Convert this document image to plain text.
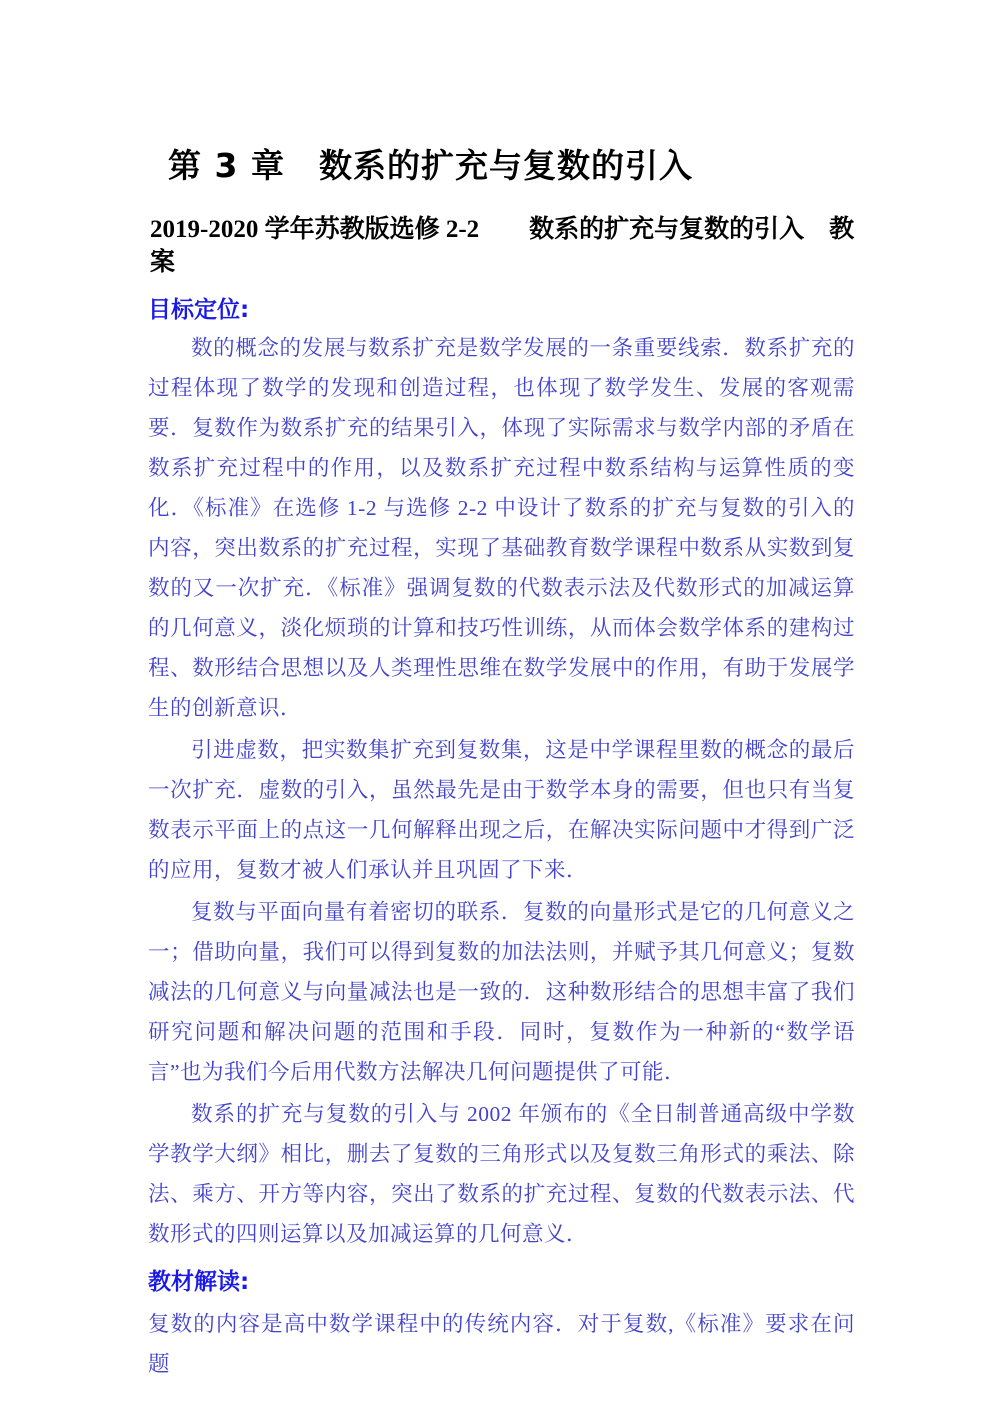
第 3 章　数系的扩充与复数的引入
2019-2020 学年苏教版选修 2-2　　数系的扩充与复数的引入　教案
目标定位:

数的概念的发展与数系扩充是数学发展的一条重要线索．数系扩充的过程体现了数学的发现和创造过程，也体现了数学发生、发展的客观需要．复数作为数系扩充的结果引入，体现了实际需求与数学内部的矛盾在数系扩充过程中的作用，以及数系扩充过程中数系结构与运算性质的变化．《标准》在选修 1-2 与选修 2-2 中设计了数系的扩充与复数的引入的内容，突出数系的扩充过程，实现了基础教育数学课程中数系从实数到复数的又一次扩充．《标准》强调复数的代数表示法及代数形式的加减运算的几何意义，淡化烦琐的计算和技巧性训练，从而体会数学体系的建构过程、数形结合思想以及人类理性思维在数学发展中的作用，有助于发展学生的创新意识．

引进虚数，把实数集扩充到复数集，这是中学课程里数的概念的最后一次扩充．虚数的引入，虽然最先是由于数学本身的需要，但也只有当复数表示平面上的点这一几何解释出现之后，在解决实际问题中才得到广泛的应用，复数才被人们承认并且巩固了下来．

复数与平面向量有着密切的联系．复数的向量形式是它的几何意义之一；借助向量，我们可以得到复数的加法法则，并赋予其几何意义；复数减法的几何意义与向量减法也是一致的．这种数形结合的思想丰富了我们研究问题和解决问题的范围和手段．同时，复数作为一种新的“数学语言”也为我们今后用代数方法解决几何问题提供了可能．

数系的扩充与复数的引入与 2002 年颁布的《全日制普通高级中学数学教学大纲》相比，删去了复数的三角形式以及复数三角形式的乘法、除法、乘方、开方等内容，突出了数系的扩充过程、复数的代数表示法、代数形式的四则运算以及加减运算的几何意义．

教材解读:

复数的内容是高中数学课程中的传统内容．对于复数,《标准》要求在问题
